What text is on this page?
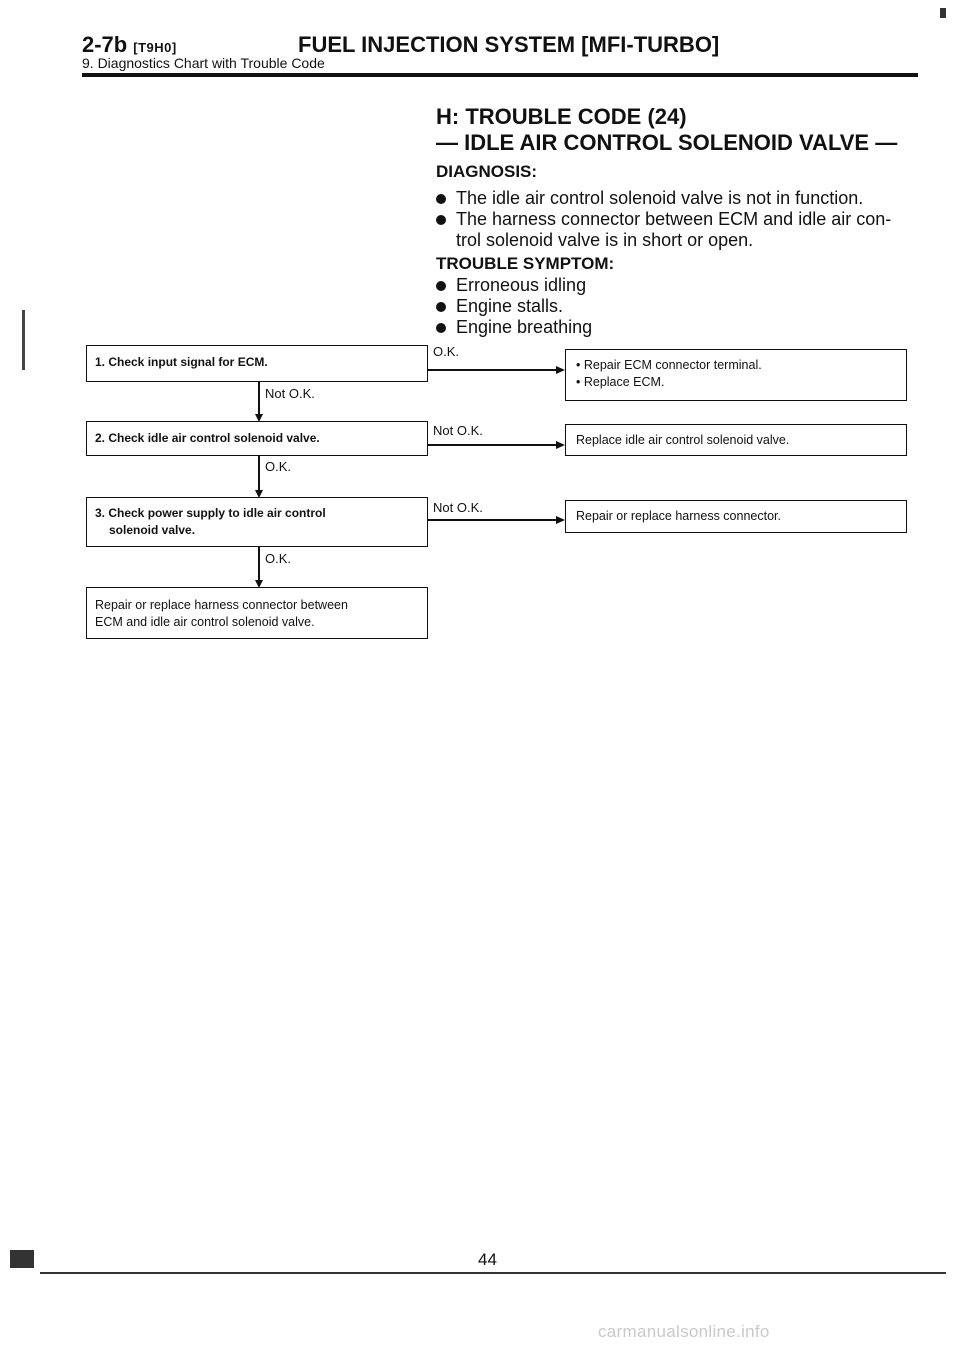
2-7b [T9H0]	FUEL INJECTION SYSTEM [MFI-TURBO]
9. Diagnostics Chart with Trouble Code
H: TROUBLE CODE (24)
— IDLE AIR CONTROL SOLENOID VALVE —
DIAGNOSIS:
The idle air control solenoid valve is not in function.
The harness connector between ECM and idle air con-
trol solenoid valve is in short or open.
TROUBLE SYMPTOM:
Erroneous idling
Engine stalls.
Engine breathing
1. Check input signal for ECM.
O.K.
• Repair ECM connector terminal.
• Replace ECM.
Not O.K.
2. Check idle air control solenoid valve.	Not O.K.
Replace idle air control solenoid valve.
O.K.
3. Check power supply to idle air control
solenoid valve.
Not O.K.
Repair or replace harness connector.
O.K.
Repair or replace harness connector between
ECM and idle air control solenoid valve.
44
carmanualsonline.info
